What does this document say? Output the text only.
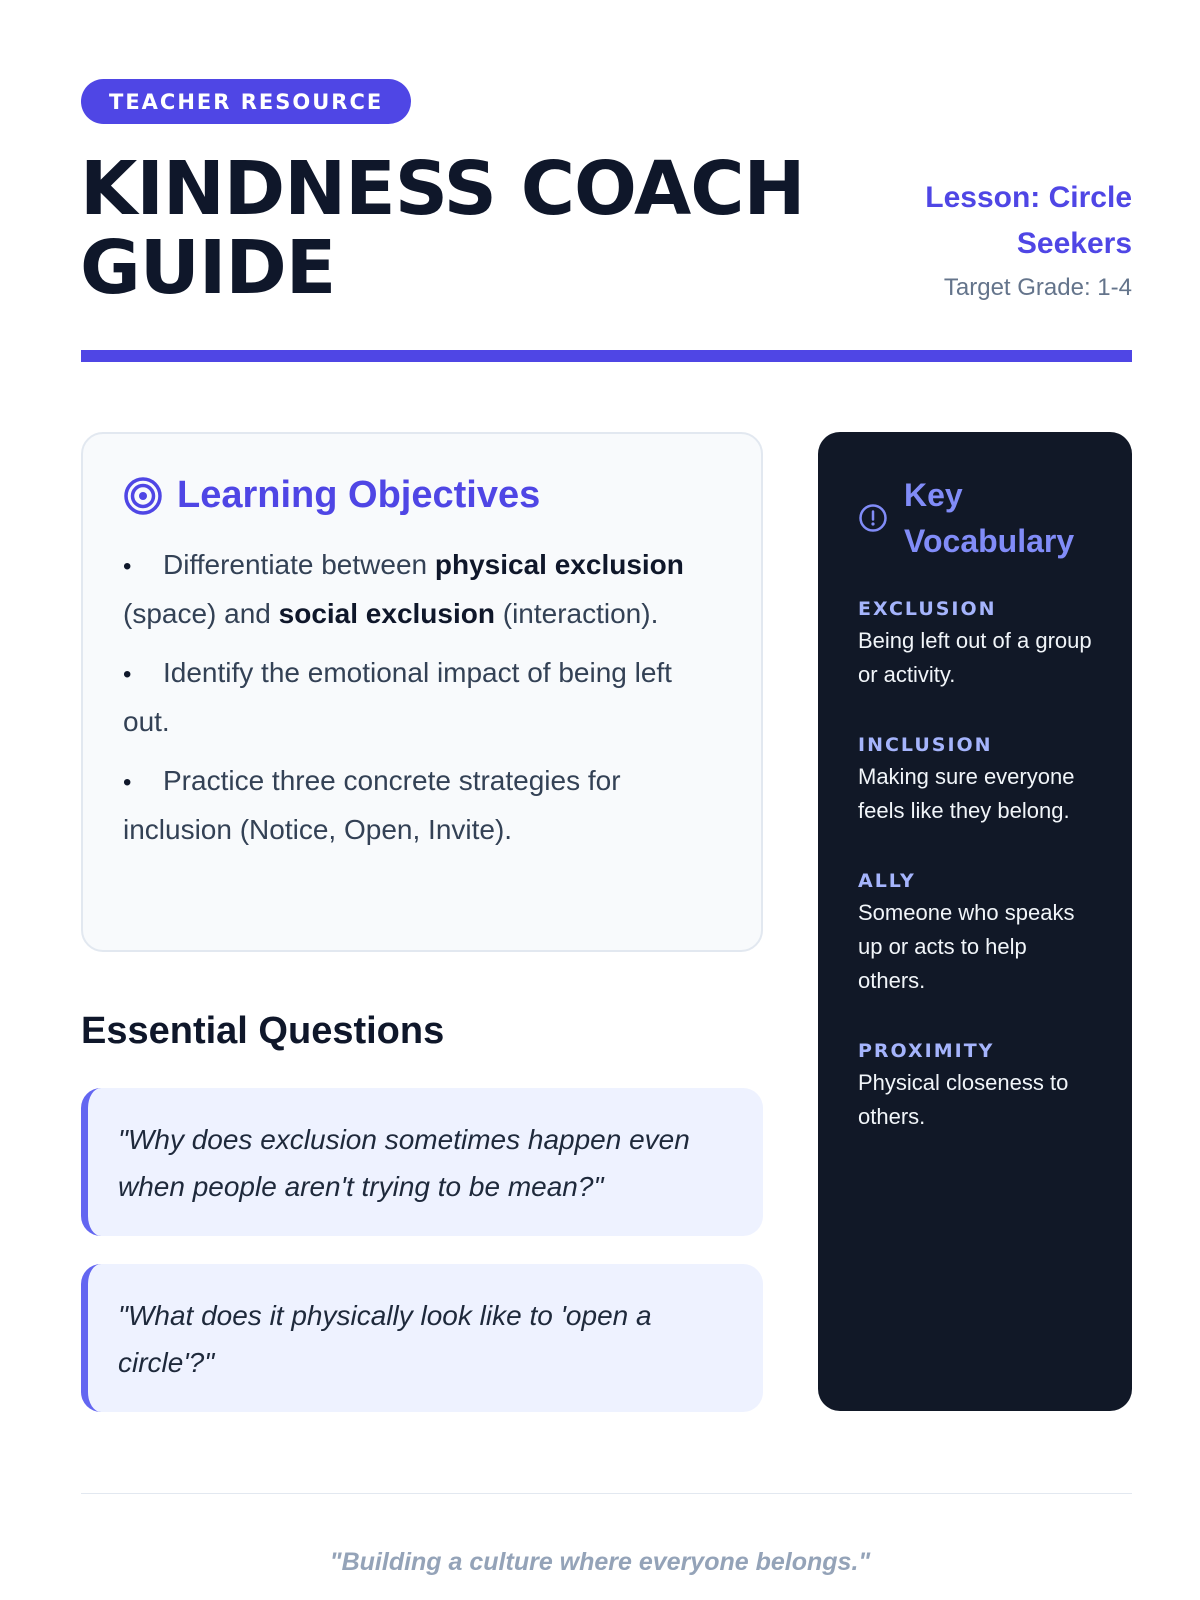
TEACHER RESOURCE
KINDNESS COACH GUIDE
Lesson: Circle Seekers
Target Grade: 1-4
Learning Objectives

• Differentiate between physical exclusion (space) and social exclusion (interaction).

• Identify the emotional impact of being left out.

• Practice three concrete strategies for inclusion (Notice, Open, Invite).

Essential Questions
"Why does exclusion sometimes happen even when people aren't trying to be mean?"
"What does it physically look like to 'open a circle'?"
Key Vocabulary
EXCLUSION
Being left out of a group or activity.
INCLUSION
Making sure everyone feels like they belong.
ALLY
Someone who speaks up or acts to help others.
PROXIMITY
Physical closeness to others.
"Building a culture where everyone belongs."
